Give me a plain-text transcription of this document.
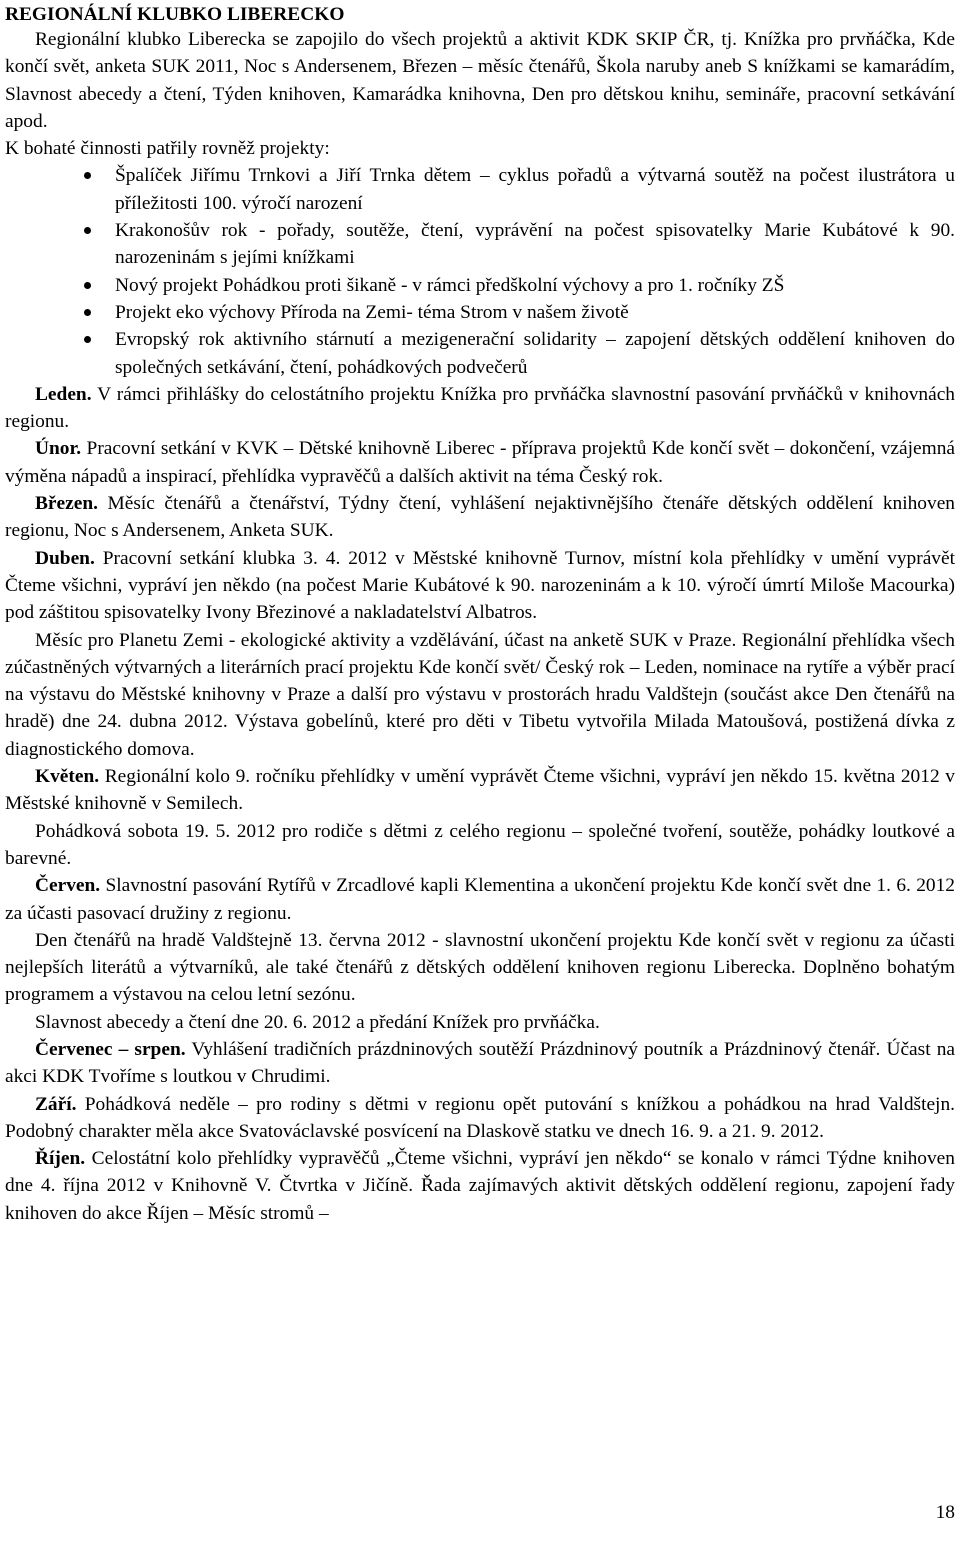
REGIONÁLNÍ KLUBKO LIBERECKO

Regionální klubko Liberecka se zapojilo do všech projektů a aktivit KDK SKIP ČR, tj. Knížka pro prvňáčka, Kde končí svět, anketa SUK 2011, Noc s Andersenem, Březen – měsíc čtenářů, Škola naruby aneb S knížkami se kamarádím, Slavnost abecedy a čtení, Týden knihoven, Kamarádka knihovna, Den pro dětskou knihu, semináře, pracovní setkávání apod.

K bohaté činnosti patřily rovněž projekty:

Špalíček Jiřímu Trnkovi a Jiří Trnka dětem – cyklus pořadů a výtvarná soutěž na počest ilustrátora u příležitosti 100. výročí narození
Krakonošův rok - pořady, soutěže, čtení, vyprávění na počest spisovatelky Marie Kubátové k 90. narozeninám s jejími knížkami
Nový projekt Pohádkou proti šikaně - v rámci předškolní výchovy a pro 1. ročníky ZŠ
Projekt eko výchovy Příroda na Zemi- téma Strom v našem životě
Evropský rok aktivního stárnutí a mezigenerační solidarity – zapojení dětských oddělení knihoven do společných setkávání, čtení, pohádkových podvečerů

Leden. V rámci přihlášky do celostátního projektu Knížka pro prvňáčka slavnostní pasování prvňáčků v knihovnách regionu.

Únor. Pracovní setkání v KVK – Dětské knihovně Liberec - příprava projektů Kde končí svět – dokončení, vzájemná výměna nápadů a inspirací, přehlídka vypravěčů a dalších aktivit na téma Český rok.

Březen. Měsíc čtenářů a čtenářství, Týdny čtení, vyhlášení nejaktivnějšího čtenáře dětských oddělení knihoven regionu, Noc s Andersenem, Anketa SUK.

Duben. Pracovní setkání klubka 3. 4. 2012 v Městské knihovně Turnov, místní kola přehlídky v umění vyprávět Čteme všichni, vypráví jen někdo (na počest Marie Kubátové k 90. narozeninám a k 10. výročí úmrtí Miloše Macourka) pod záštitou spisovatelky Ivony Březinové a nakladatelství Albatros.

Měsíc pro Planetu Zemi - ekologické aktivity a vzdělávání, účast na anketě SUK v Praze. Regionální přehlídka všech zúčastněných výtvarných a literárních prací projektu Kde končí svět/ Český rok – Leden, nominace na rytíře a výběr prací na výstavu do Městské knihovny v Praze a další pro výstavu v prostorách hradu Valdštejn (součást akce Den čtenářů na hradě) dne 24. dubna 2012. Výstava gobelínů, které pro děti v Tibetu vytvořila Milada Matoušová, postižená dívka z diagnostického domova.

Květen. Regionální kolo 9. ročníku přehlídky v umění vyprávět Čteme všichni, vypráví jen někdo 15. května 2012 v Městské knihovně v Semilech.

Pohádková sobota 19. 5. 2012 pro rodiče s dětmi z celého regionu – společné tvoření, soutěže, pohádky loutkové a barevné.

Červen. Slavnostní pasování Rytířů v Zrcadlové kapli Klementina a ukončení projektu Kde končí svět dne 1. 6. 2012 za účasti pasovací družiny z regionu.

Den čtenářů na hradě Valdštejně 13. června 2012 - slavnostní ukončení projektu Kde končí svět v regionu za účasti nejlepších literátů a výtvarníků, ale také čtenářů z dětských oddělení knihoven regionu Liberecka. Doplněno bohatým programem a výstavou na celou letní sezónu.

Slavnost abecedy a čtení dne 20. 6. 2012 a předání Knížek pro prvňáčka.

Červenec – srpen. Vyhlášení tradičních prázdninových soutěží Prázdninový poutník a Prázdninový čtenář. Účast na akci KDK Tvoříme s loutkou v Chrudimi.

Září. Pohádková neděle – pro rodiny s dětmi v regionu opět putování s knížkou a pohádkou na hrad Valdštejn. Podobný charakter měla akce Svatováclavské posvícení na Dlaskově statku ve dnech 16. 9. a 21. 9. 2012.

Říjen. Celostátní kolo přehlídky vypravěčů „Čteme všichni, vypráví jen někdo“ se konalo v rámci Týdne knihoven dne 4. října 2012 v Knihovně V. Čtvrtka v Jičíně. Řada zajímavých aktivit dětských oddělení regionu, zapojení řady knihoven do akce Říjen – Měsíc stromů –

18
